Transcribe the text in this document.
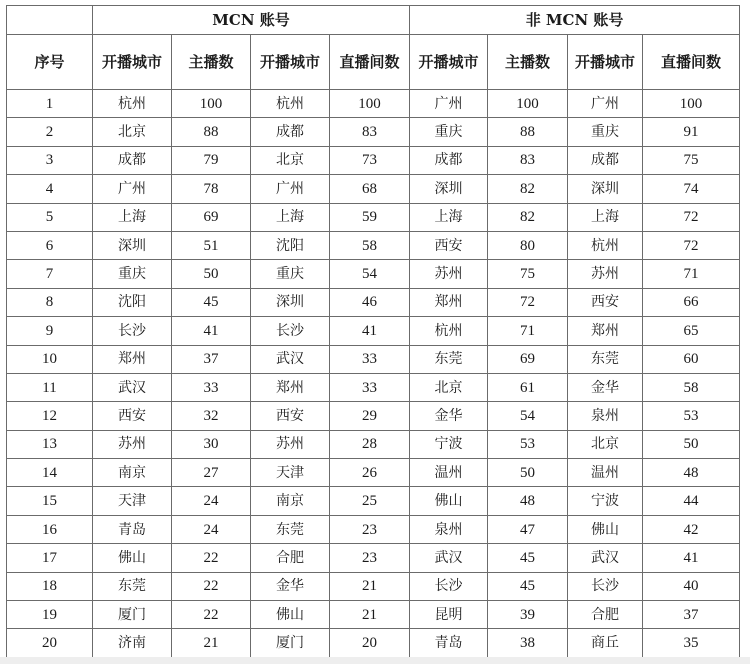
	MCN 账号				非 MCN 账号			
序号	开播城市	主播数	开播城市	直播间数	开播城市	主播数	开播城市	直播间数
1	杭州	100	杭州	100	广州	100	广州	100
2	北京	88	成都	83	重庆	88	重庆	91
3	成都	79	北京	73	成都	83	成都	75
4	广州	78	广州	68	深圳	82	深圳	74
5	上海	69	上海	59	上海	82	上海	72
6	深圳	51	沈阳	58	西安	80	杭州	72
7	重庆	50	重庆	54	苏州	75	苏州	71
8	沈阳	45	深圳	46	郑州	72	西安	66
9	长沙	41	长沙	41	杭州	71	郑州	65
10	郑州	37	武汉	33	东莞	69	东莞	60
11	武汉	33	郑州	33	北京	61	金华	58
12	西安	32	西安	29	金华	54	泉州	53
13	苏州	30	苏州	28	宁波	53	北京	50
14	南京	27	天津	26	温州	50	温州	48
15	天津	24	南京	25	佛山	48	宁波	44
16	青岛	24	东莞	23	泉州	47	佛山	42
17	佛山	22	合肥	23	武汉	45	武汉	41
18	东莞	22	金华	21	长沙	45	长沙	40
19	厦门	22	佛山	21	昆明	39	合肥	37
20	济南	21	厦门	20	青岛	38	商丘	35
